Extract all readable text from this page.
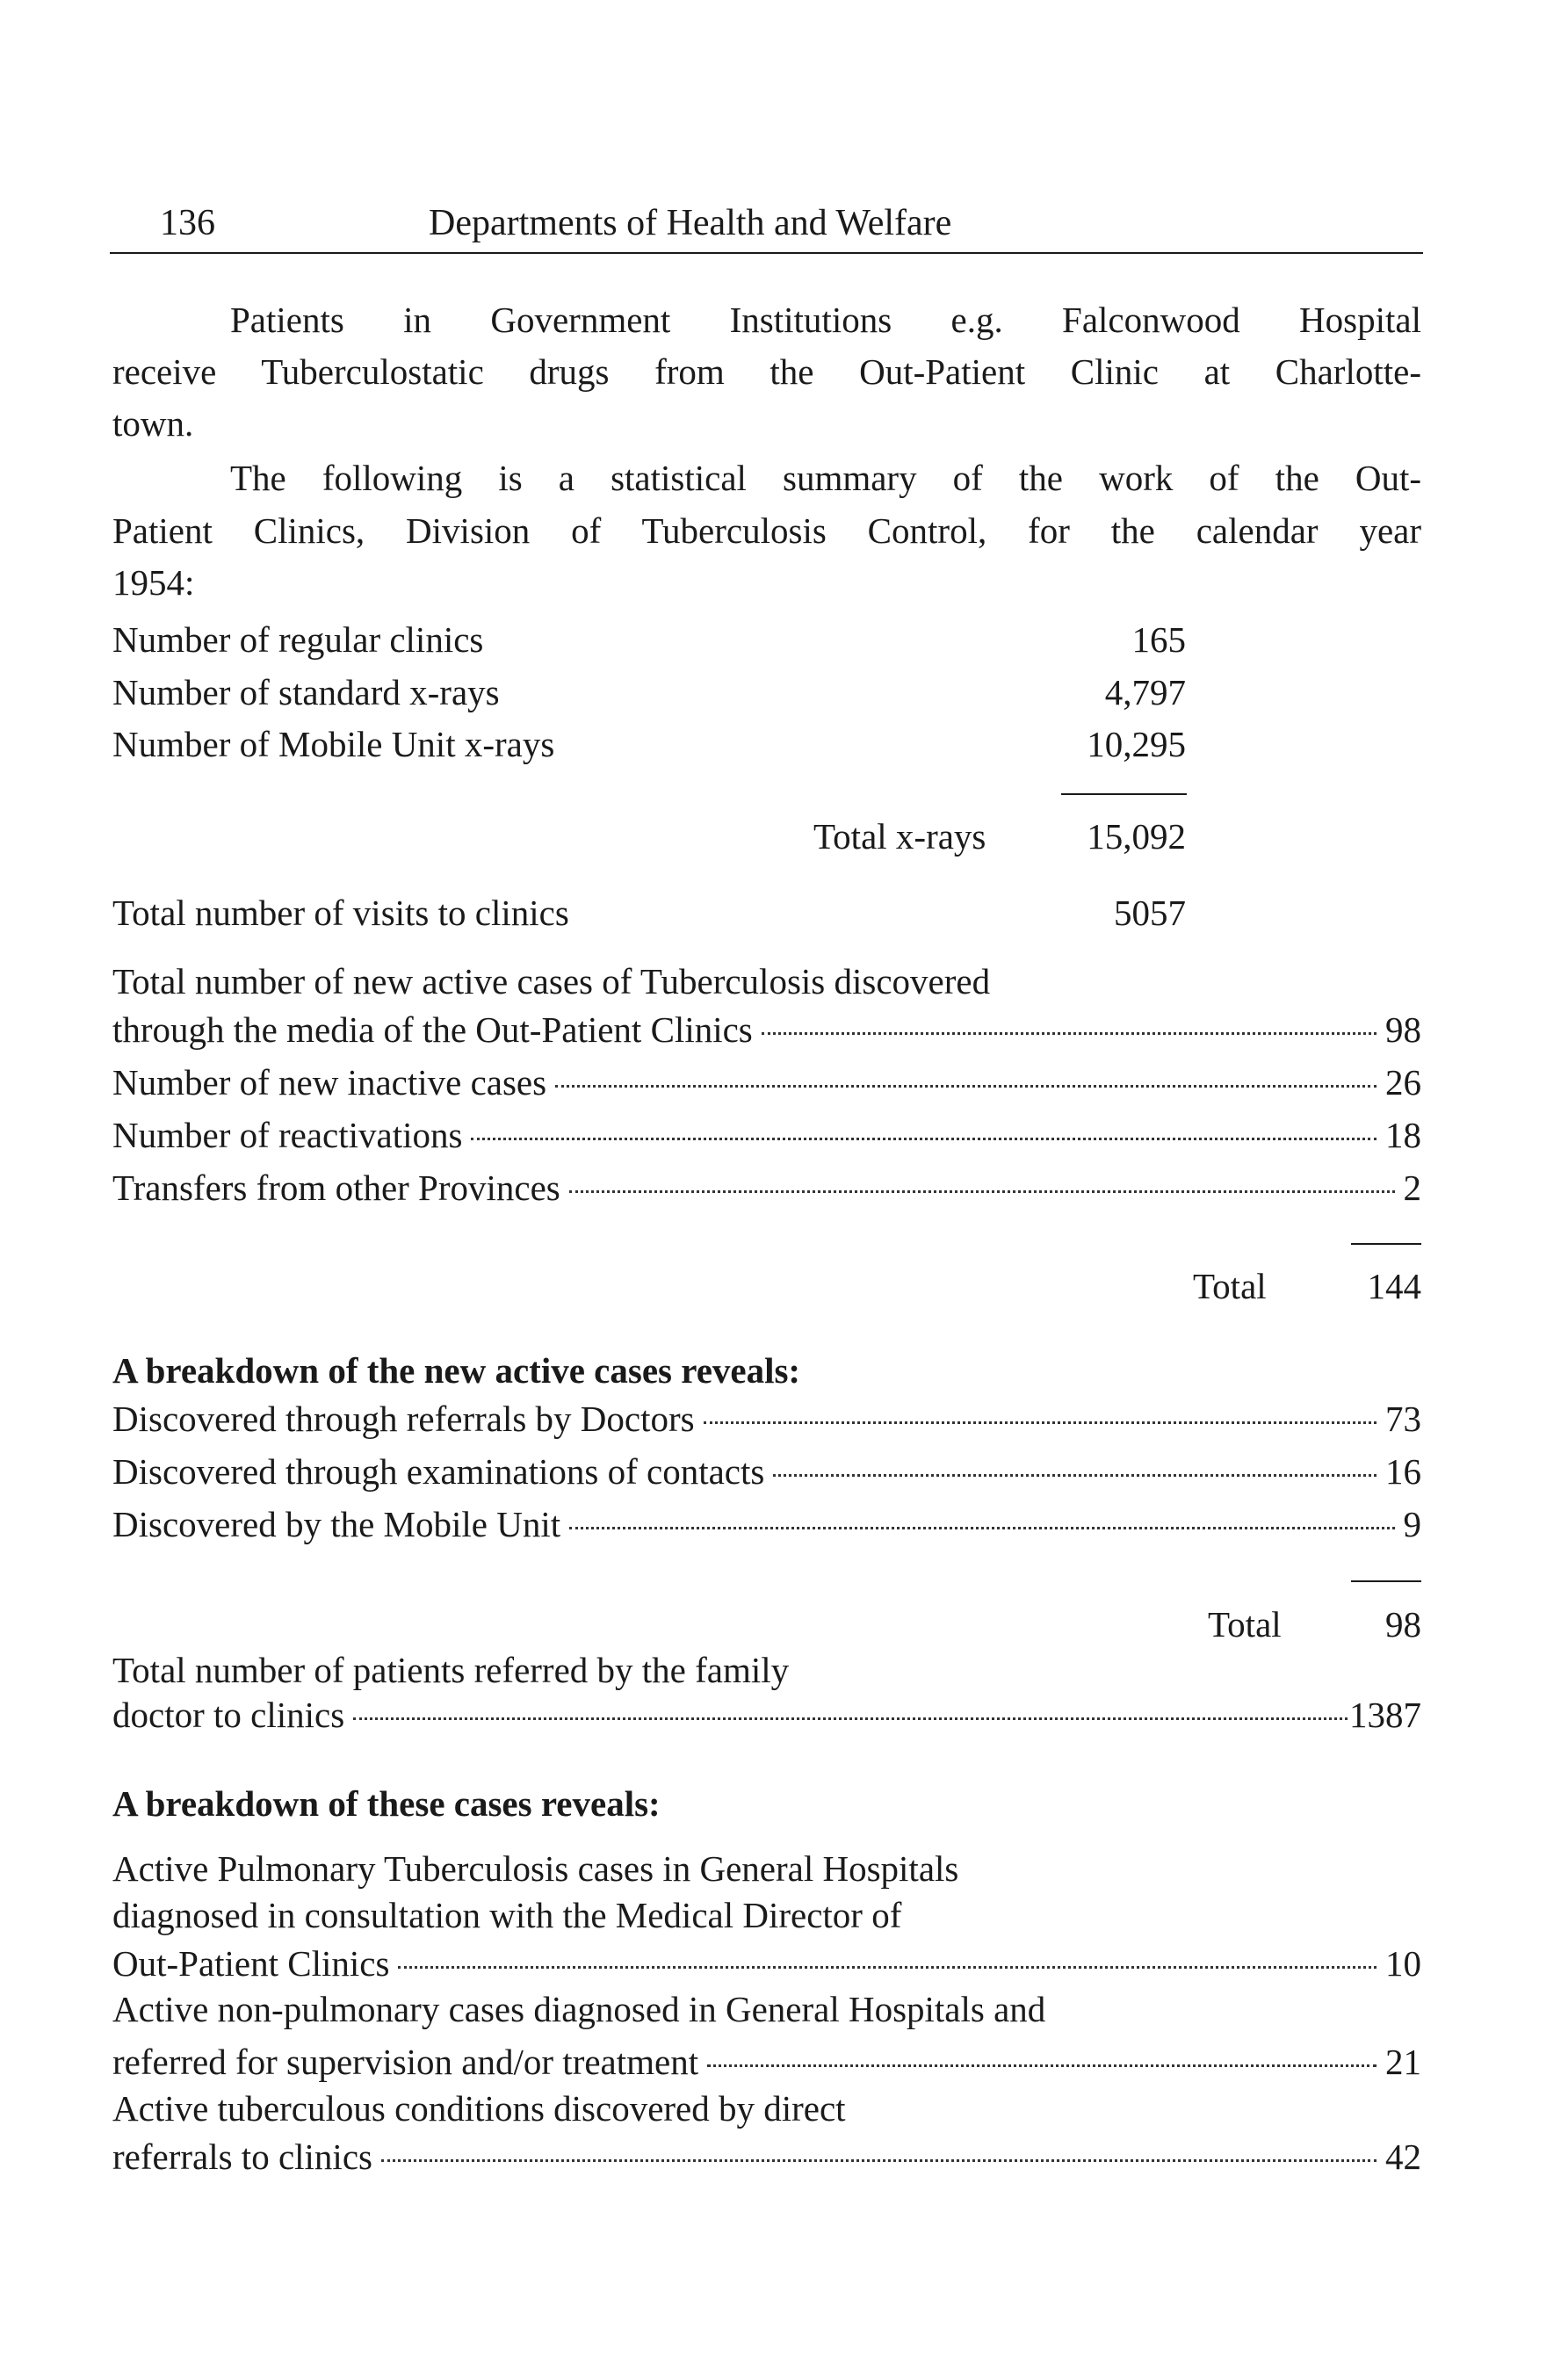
136	Departments of Health and Welfare
Patients in Government Institutions e.g. Falconwood Hospital
receive Tuberculostatic drugs from the Out-Patient Clinic at Charlotte-
town.
The following is a statistical summary of the work of the Out-
Patient Clinics, Division of Tuberculosis Control, for the calendar year
1954:
Number of regular clinics	165
Number of standard x-rays	4,797
Number of Mobile Unit x-rays	10,295
Total x-rays	15,092
Total number of visits to clinics	5057
Total number of new active cases of Tuberculosis discovered
through the media of the Out-Patient Clinics	98
Number of new inactive cases	26
Number of reactivations	18
Transfers from other Provinces	2
Total	144
A breakdown of the new active cases reveals:
Discovered through referrals by Doctors	73
Discovered through examinations of contacts	16
Discovered by the Mobile Unit	9
Total	98
Total number of patients referred by the family
doctor to clinics	1387
A breakdown of these cases reveals:
Active Pulmonary Tuberculosis cases in General Hospitals
diagnosed in consultation with the Medical Director of
Out-Patient Clinics	10
Active non-pulmonary cases diagnosed in General Hospitals and
referred for supervision and/or treatment	21
Active tuberculous conditions discovered by direct
referrals to clinics	42
